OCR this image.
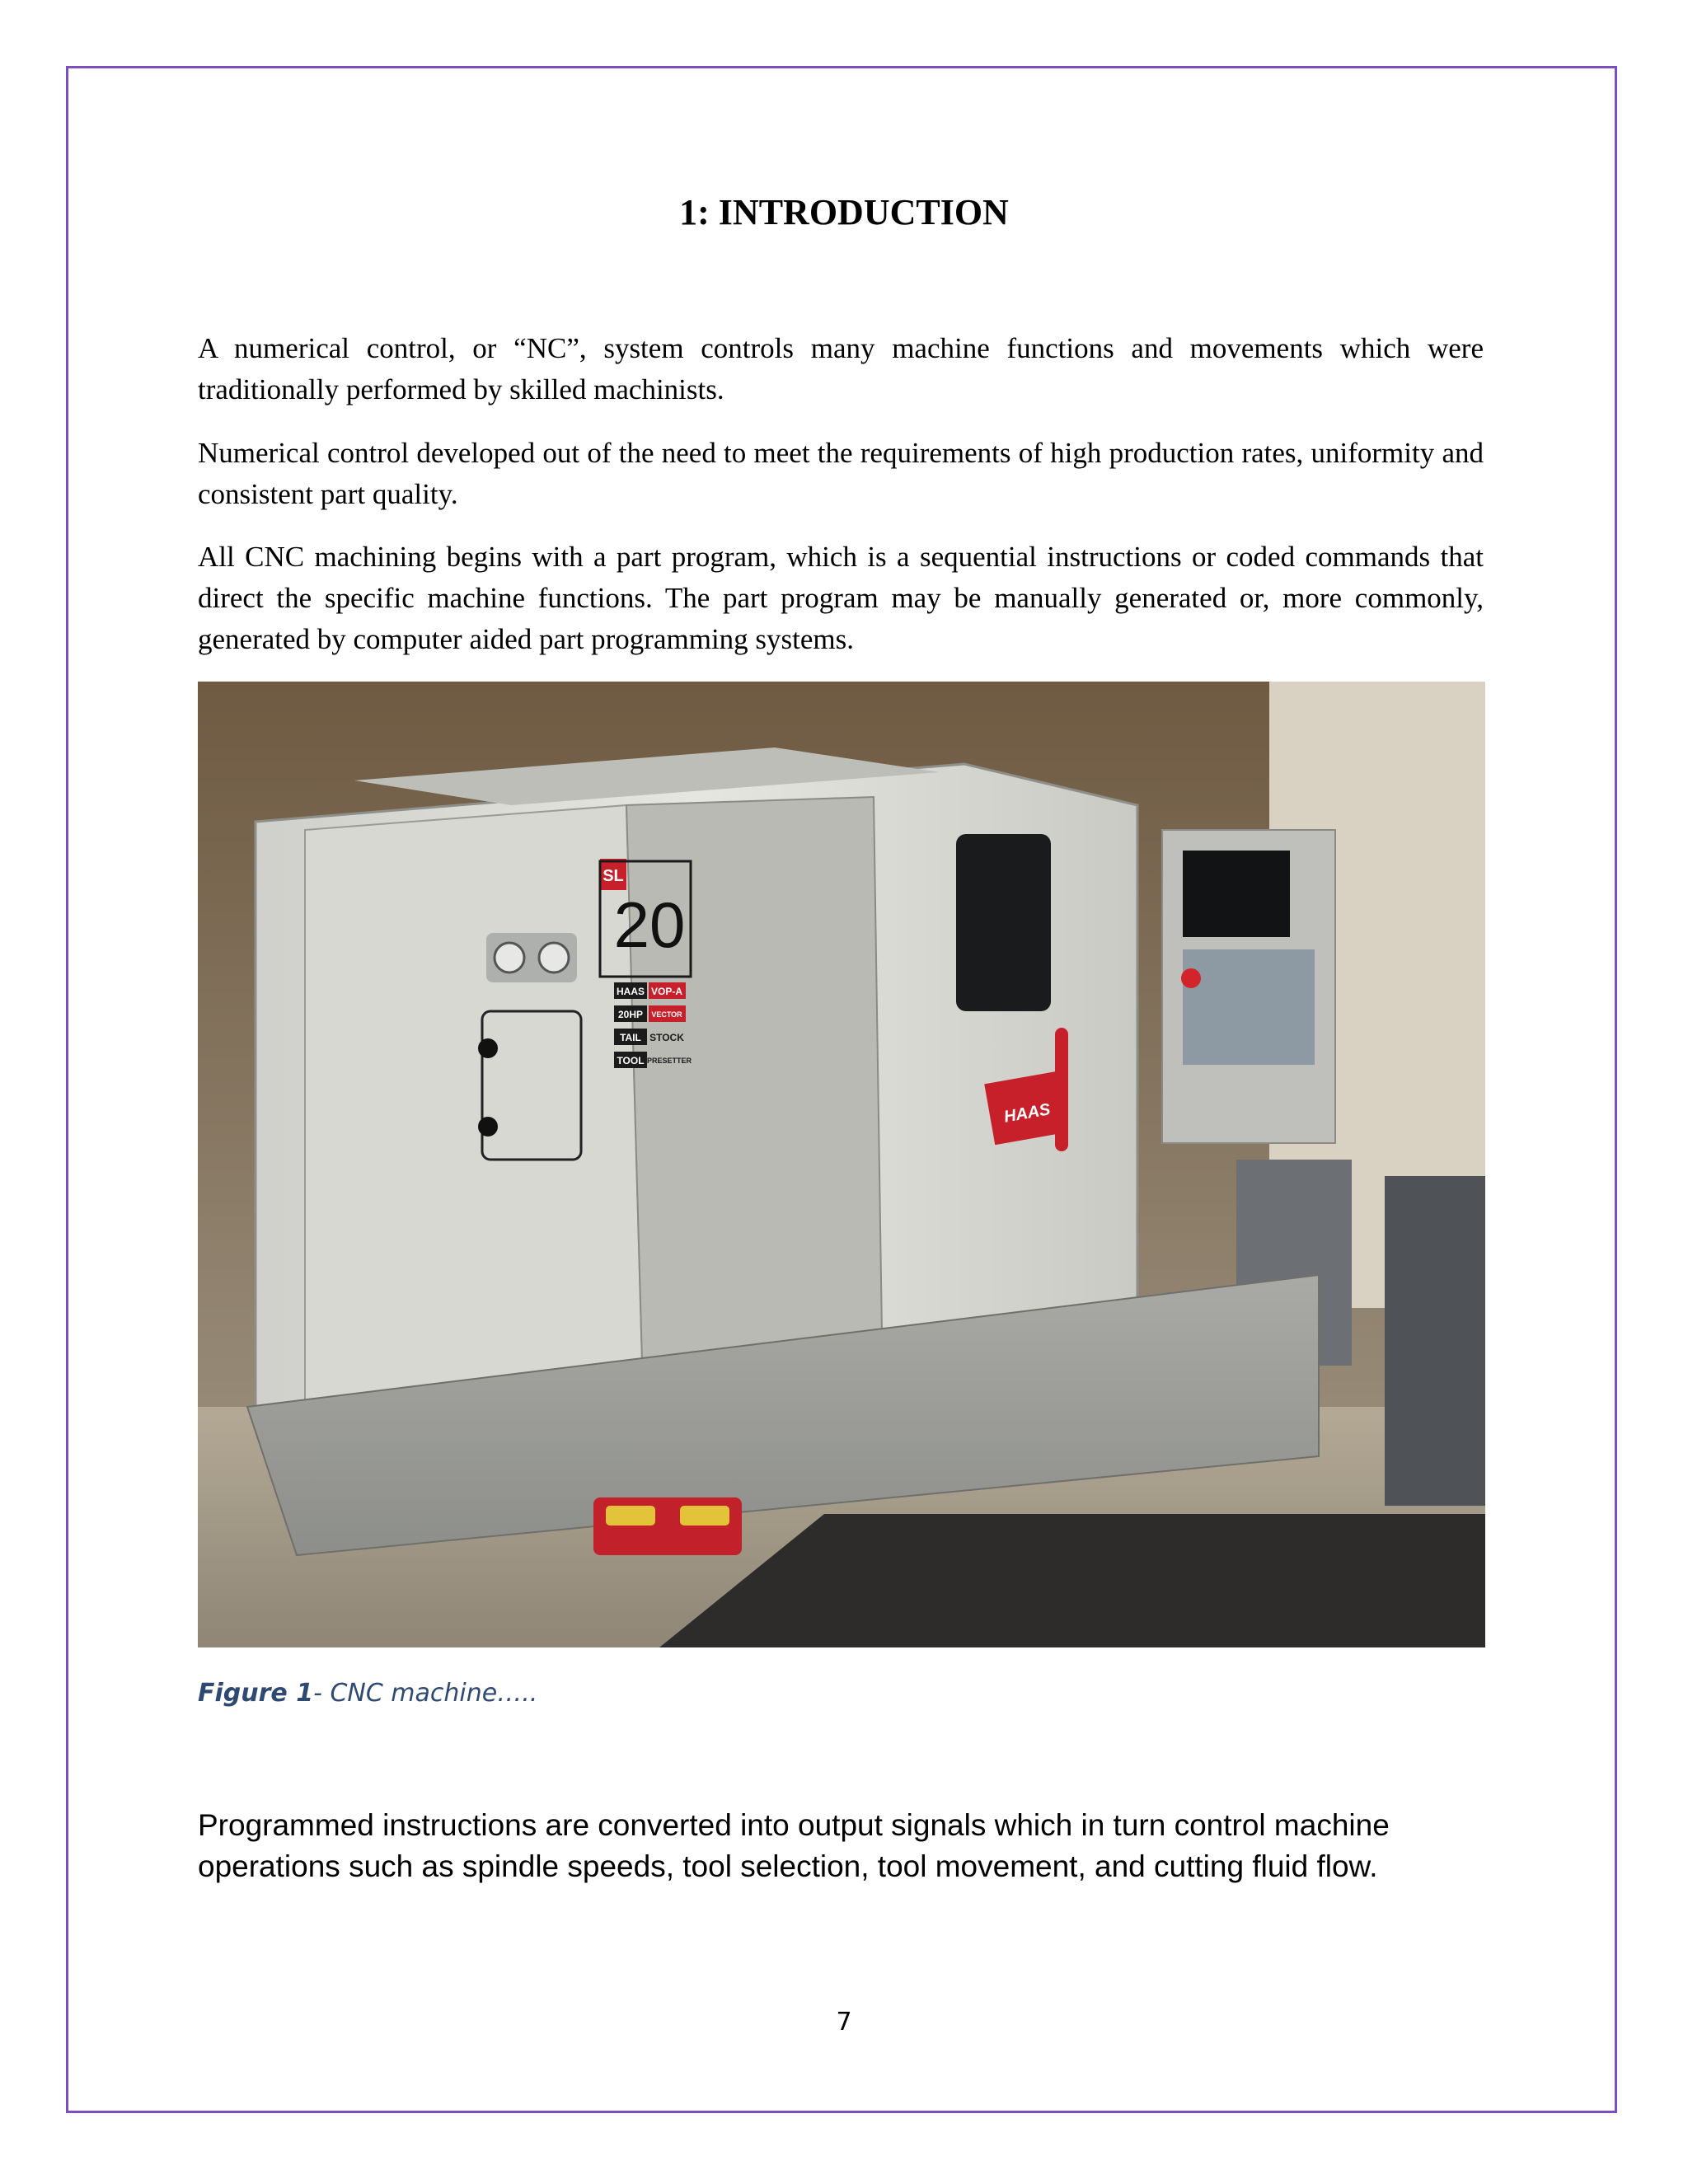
1: INTRODUCTION

A numerical control, or “NC”, system controls many machine functions and movements which were traditionally performed by skilled machinists.

Numerical control developed out of the need to meet the requirements of high production rates, uniformity and consistent part quality.

All CNC machining begins with a part program, which is a sequential instructions or coded commands that direct the specific machine functions. The part program may be manually generated or, more commonly, generated by computer aided part programming systems.

SL
20
HAAS VOP-A
20HP VECTOR
TAIL STOCK
TOOL PRESETTER
HAAS
Figure 1- CNC machine…..

Programmed instructions are converted into output signals which in turn control machine operations such as spindle speeds, tool selection, tool movement, and cutting fluid flow.

7
